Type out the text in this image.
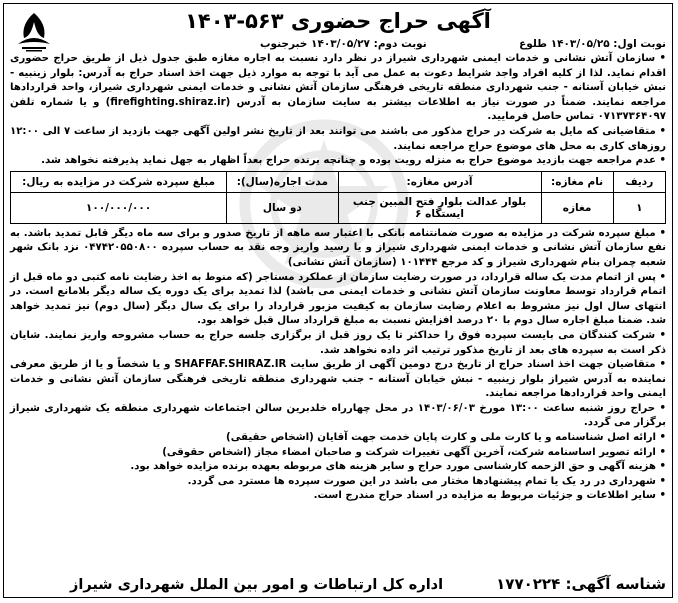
آگهی حراج حضوری ۵۶۳-۱۴۰۳
نوبت اول: ۱۴۰۳/۰۵/۲۵ طلوع
نوبت دوم: ۱۴۰۳/۰۵/۲۷ خبرجنوب

• سازمان آتش نشانی و خدمات ایمنی شهرداری شیراز در نظر دارد نسبت به اجاره مغازه طبق جدول ذیل از طریق حراج حضوری اقدام نماید. لذا از کلیه افراد واجد شرایط دعوت به عمل می آید با توجه به موارد ذیل جهت اخذ اسناد حراج به آدرس: بلوار زینبیه - نبش خیابان آستانه - جنب شهرداری منطقه تاریخی فرهنگی سازمان آتش نشانی و خدمات ایمنی شهرداری شیراز، واحد قراردادها مراجعه نمایند. ضمناً در صورت نیاز به اطلاعات بیشتر به سایت سازمان به آدرس (firefighting.shiraz.ir) و یا شماره تلفن ۰۷۱۳۷۳۶۴۰۹۷ تماس حاصل فرمایید.

• متقاضیانی که مایل به شرکت در حراج مذکور می باشند می توانند بعد از تاریخ نشر اولین آگهی جهت بازدید از ساعت ۷ الی ۱۲:۰۰ روزهای کاری به محل های موضوع حراج مراجعه نمایند.

• عدم مراجعه جهت بازدید موضوع حراج به منزله رویت بوده و چنانچه برنده حراج بعداً اظهار به جهل نماید پذیرفته نخواهد شد.

ردیف	نام مغازه:	آدرس مغازه:	مدت اجاره(سال):	مبلغ سپرده شرکت در مزایده به ریال:
۱	مغازه	بلوار عدالت بلوار فتح المبین جنب ایستگاه ۶	دو سال	۱۰۰/۰۰۰/۰۰۰

• مبلغ سپرده شرکت در مزایده به صورت ضمانتنامه بانکی با اعتبار سه ماهه از تاریخ صدور و برای سه ماه دیگر قابل تمدید باشد. به نفع سازمان آتش نشانی و خدمات ایمنی شهرداری شیراز و یا رسید واریز وجه نقد به حساب سپرده ۰۴۷۴۲۰۵۵۰۸۰۰ نزد بانک شهر شعبه چمران بنام شهرداری شیراز و کد مرجع ۱۰۱۴۴۴ (سازمان آتش نشانی)

• پس از اتمام مدت یک ساله قرارداد، در صورت رضایت سازمان از عملکرد مستاجر (که منوط به اخذ رضایت نامه کتبی دو ماه قبل از اتمام قرارداد توسط معاونت سازمان آتش نشانی و خدمات ایمنی می باشد) لذا تمدید برای یک دوره یک ساله دیگر بلامانع است. در انتهای سال اول نیز مشروط به اعلام رضایت سازمان به کیفیت مزبور قرارداد را برای یک سال دیگر (سال دوم) نیز تمدید خواهد شد. ضمنا مبلغ اجاره سال دوم با ۲۰ درصد افزایش نسبت به مبلغ قرارداد سال قبل خواهد بود.

• شرکت کنندگان می بایست سپرده فوق را حداکثر تا یک روز قبل از برگزاری جلسه حراج به حساب مشروحه واریز نمایند. شایان ذکر است به سپرده های بعد از تاریخ مذکور ترتیب اثر داده نخواهد شد.

• متقاضیان جهت اخذ اسناد حراج از تاریخ درج دومین آگهی از طریق سایت SHAFFAF.SHIRAZ.IR و یا شخصاً و یا از طریق معرفی نماینده به آدرس شیراز بلوار زینبیه - نبش خیابان آستانه - جنب شهرداری منطقه تاریخی فرهنگی سازمان آتش نشانی و خدمات ایمنی واحد قراردادها مراجعه نمایند.

• حراج روز شنبه ساعت ۱۳:۰۰ مورخ ۱۴۰۳/۰۶/۰۳ در محل چهارراه خلدبرین سالن اجتماعات شهرداری منطقه یک شهرداری شیراز برگزار می گردد.

• ارائه اصل شناسنامه و یا کارت ملی و کارت پایان خدمت جهت آقایان (اشخاص حقیقی)

• ارائه تصویر اساسنامه شرکت، آخرین آگهی تغییرات شرکت و صاحبان امضاء مجاز (اشخاص حقوقی)

• هزینه آگهی و حق الزحمه کارشناسی مورد حراج و سایر هزینه های مربوطه بعهده برنده مزایده خواهد بود.

• شهرداری در رد یک یا تمام پیشنهادها مختار می باشد در این صورت سپرده ها مسترد می گردد.

• سایر اطلاعات و جزئیات مربوط به مزایده در اسناد حراج مندرج است.

شناسه آگهی: ۱۷۷۰۲۲۴
اداره کل ارتباطات و امور بین الملل شهرداری شیراز
